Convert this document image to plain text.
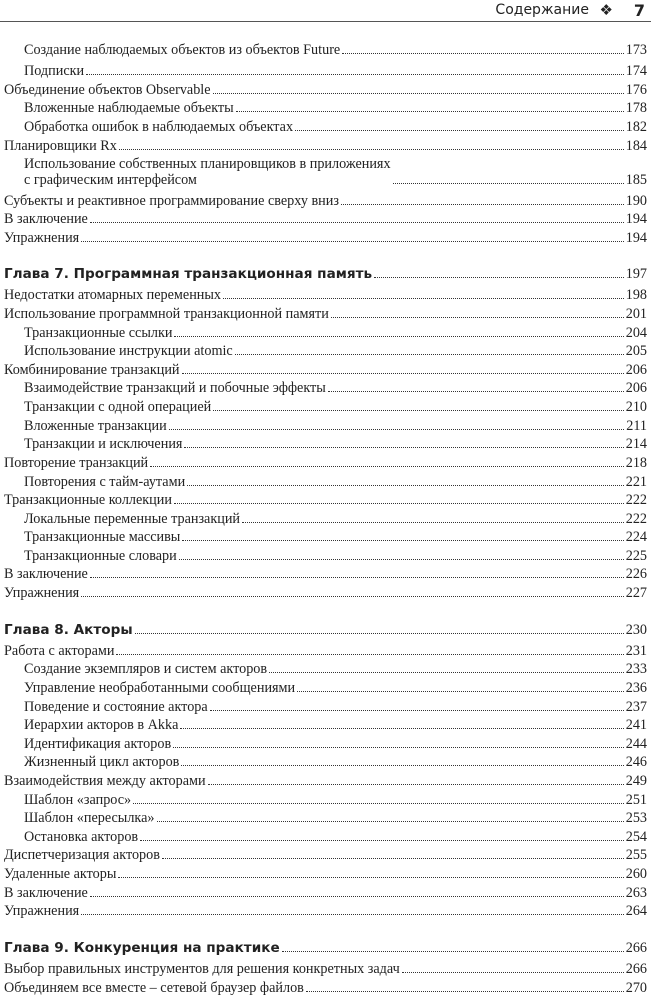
Содержание ❖ 7
Создание наблюдаемых объектов из объектов Future	173
Подписки	174
Объединение объектов Observable	176
Вложенные наблюдаемые объекты	178
Обработка ошибок в наблюдаемых объектах	182
Планировщики Rx	184
Использование собственных планировщиков в приложениях
с графическим интерфейсом	185
Субъекты и реактивное программирование сверху вниз	190
В заключение	194
Упражнения	194
Глава 7. Программная транзакционная память	197
Недостатки атомарных переменных	198
Использование программной транзакционной памяти	201
Транзакционные ссылки	204
Использование инструкции atomic	205
Комбинирование транзакций	206
Взаимодействие транзакций и побочные эффекты	206
Транзакции с одной операцией	210
Вложенные транзакции	211
Транзакции и исключения	214
Повторение транзакций	218
Повторения с тайм-аутами	221
Транзакционные коллекции	222
Локальные переменные транзакций	222
Транзакционные массивы	224
Транзакционные словари	225
В заключение	226
Упражнения	227
Глава 8. Акторы	230
Работа с акторами	231
Создание экземпляров и систем акторов	233
Управление необработанными сообщениями	236
Поведение и состояние актора	237
Иерархии акторов в Akka	241
Идентификация акторов	244
Жизненный цикл акторов	246
Взаимодействия между акторами	249
Шаблон «запрос»	251
Шаблон «пересылка»	253
Остановка акторов	254
Диспетчеризация акторов	255
Удаленные акторы	260
В заключение	263
Упражнения	264
Глава 9. Конкуренция на практике	266
Выбор правильных инструментов для решения конкретных задач	266
Объединяем все вместе – сетевой браузер файлов	270
